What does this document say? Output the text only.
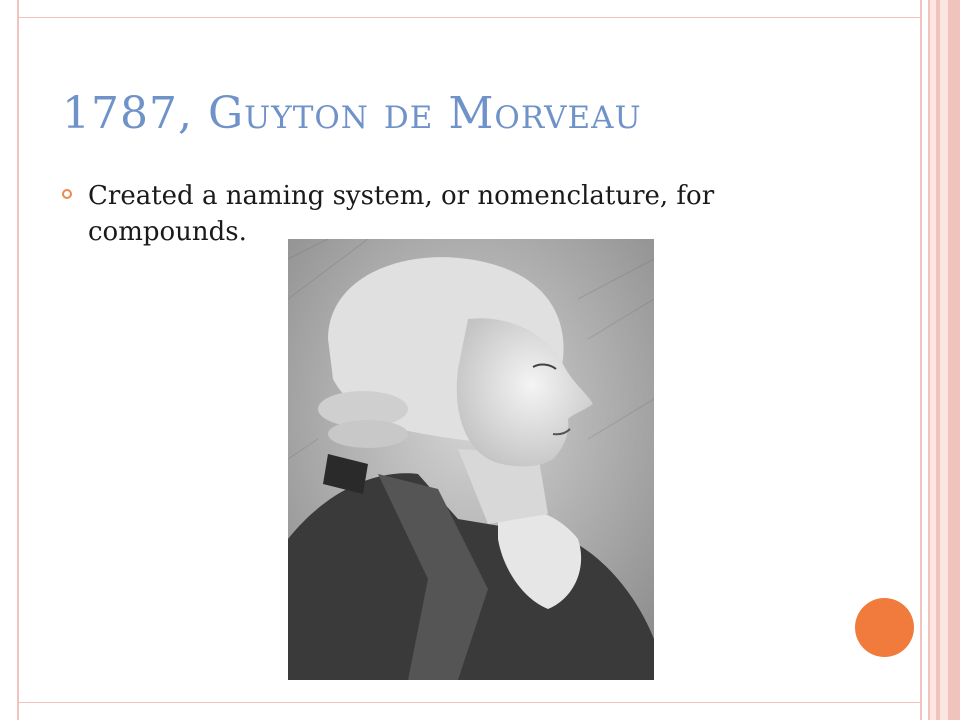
1787, Guyton de Morveau
Created a naming system, or nomenclature, for compounds.
